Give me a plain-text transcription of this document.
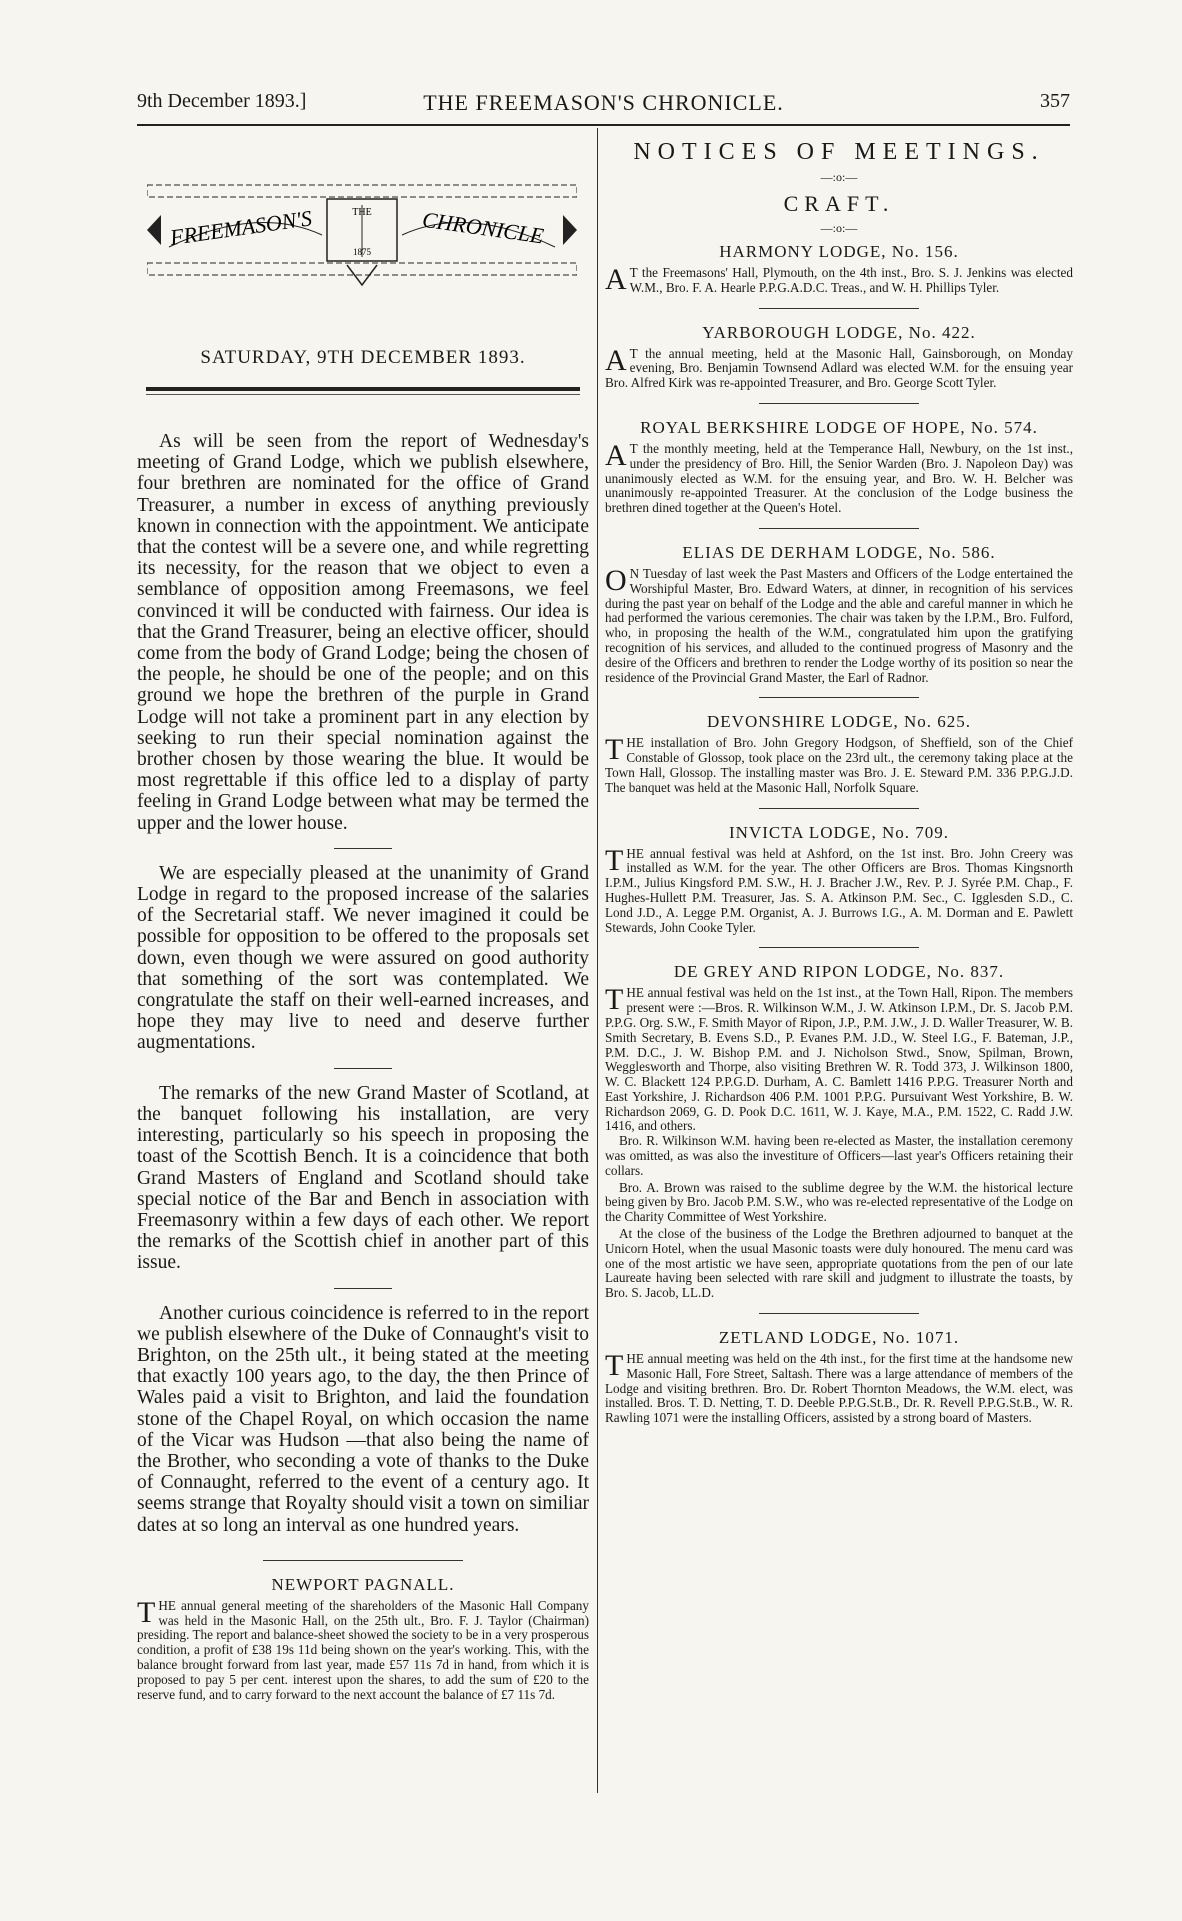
9th December 1893.]	THE FREEMASON'S CHRONICLE.	357
FREEMASON'S	CHRONICLE
THE
1875
SATURDAY, 9TH DECEMBER 1893.

As will be seen from the report of Wednesday's meeting of Grand Lodge, which we publish elsewhere, four brethren are nominated for the office of Grand Treasurer, a number in excess of anything previously known in connection with the appointment. We anticipate that the contest will be a severe one, and while regretting its necessity, for the reason that we object to even a semblance of opposition among Freemasons, we feel convinced it will be conducted with fairness. Our idea is that the Grand Treasurer, being an elective officer, should come from the body of Grand Lodge; being the chosen of the people, he should be one of the people; and on this ground we hope the brethren of the purple in Grand Lodge will not take a prominent part in any election by seeking to run their special nomination against the brother chosen by those wearing the blue. It would be most regrettable if this office led to a display of party feeling in Grand Lodge between what may be termed the upper and the lower house.

We are especially pleased at the unanimity of Grand Lodge in regard to the proposed increase of the salaries of the Secretarial staff. We never imagined it could be possible for opposition to be offered to the proposals set down, even though we were assured on good authority that something of the sort was contemplated. We congratulate the staff on their well-earned increases, and hope they may live to need and deserve further augmentations.

The remarks of the new Grand Master of Scotland, at the banquet following his installation, are very interesting, particularly so his speech in proposing the toast of the Scottish Bench. It is a coincidence that both Grand Masters of England and Scotland should take special notice of the Bar and Bench in association with Freemasonry within a few days of each other. We report the remarks of the Scottish chief in another part of this issue.

Another curious coincidence is referred to in the report we publish elsewhere of the Duke of Connaught's visit to Brighton, on the 25th ult., it being stated at the meeting that exactly 100 years ago, to the day, the then Prince of Wales paid a visit to Brighton, and laid the foundation stone of the Chapel Royal, on which occasion the name of the Vicar was Hudson —that also being the name of the Brother, who seconding a vote of thanks to the Duke of Connaught, referred to the event of a century ago. It seems strange that Royalty should visit a town on similiar dates at so long an interval as one hundred years.

NEWPORT PAGNALL.
THE annual general meeting of the shareholders of the Masonic Hall Company was held in the Masonic Hall, on the 25th ult., Bro. F. J. Taylor (Chairman) presiding. The report and balance-sheet showed the society to be in a very prosperous condition, a profit of £38 19s 11d being shown on the year's working. This, with the balance brought forward from last year, made £57 11s 7d in hand, from which it is proposed to pay 5 per cent. interest upon the shares, to add the sum of £20 to the reserve fund, and to carry forward to the next account the balance of £7 11s 7d.
NOTICES OF MEETINGS.
—:o:—
CRAFT.
—:o:—
HARMONY LODGE, No. 156.
A T the Freemasons' Hall, Plymouth, on the 4th inst., Bro. S. J. Jenkins was elected W.M., Bro. F. A. Hearle P.P.G.A.D.C. Treas., and W. H. Phillips Tyler.
YARBOROUGH LODGE, No. 422.
A T the annual meeting, held at the Masonic Hall, Gainsborough, on Monday evening, Bro. Benjamin Townsend Adlard was elected W.M. for the ensuing year Bro. Alfred Kirk was re-appointed Treasurer, and Bro. George Scott Tyler.
ROYAL BERKSHIRE LODGE OF HOPE, No. 574.
A T the monthly meeting, held at the Temperance Hall, Newbury, on the 1st inst., under the presidency of Bro. Hill, the Senior Warden (Bro. J. Napoleon Day) was unanimously elected as W.M. for the ensuing year, and Bro. W. H. Belcher was unanimously re-appointed Treasurer. At the conclusion of the Lodge business the brethren dined together at the Queen's Hotel.
ELIAS DE DERHAM LODGE, No. 586.
O N Tuesday of last week the Past Masters and Officers of the Lodge entertained the Worshipful Master, Bro. Edward Waters, at dinner, in recognition of his services during the past year on behalf of the Lodge and the able and careful manner in which he had performed the various ceremonies. The chair was taken by the I.P.M., Bro. Fulford, who, in proposing the health of the W.M., congratulated him upon the gratifying recognition of his services, and alluded to the continued progress of Masonry and the desire of the Officers and brethren to render the Lodge worthy of its position so near the residence of the Provincial Grand Master, the Earl of Radnor.
DEVONSHIRE LODGE, No. 625.
THE installation of Bro. John Gregory Hodgson, of Sheffield, son of the Chief Constable of Glossop, took place on the 23rd ult., the ceremony taking place at the Town Hall, Glossop. The installing master was Bro. J. E. Steward P.M. 336 P.P.G.J.D. The banquet was held at the Masonic Hall, Norfolk Square.
INVICTA LODGE, No. 709.
THE annual festival was held at Ashford, on the 1st inst. Bro. John Creery was installed as W.M. for the year. The other Officers are Bros. Thomas Kingsnorth I.P.M., Julius Kingsford P.M. S.W., H. J. Bracher J.W., Rev. P. J. Syrée P.M. Chap., F. Hughes-Hullett P.M. Treasurer, Jas. S. A. Atkinson P.M. Sec., C. Igglesden S.D., C. Lond J.D., A. Legge P.M. Organist, A. J. Burrows I.G., A. M. Dorman and E. Pawlett Stewards, John Cooke Tyler.
DE GREY AND RIPON LODGE, No. 837.
THE annual festival was held on the 1st inst., at the Town Hall, Ripon. The members present were :—Bros. R. Wilkinson W.M., J. W. Atkinson I.P.M., Dr. S. Jacob P.M. P.P.G. Org. S.W., F. Smith Mayor of Ripon, J.P., P.M. J.W., J. D. Waller Treasurer, W. B. Smith Secretary, B. Evens S.D., P. Evanes P.M. J.D., W. Steel I.G., F. Bateman, J.P., P.M. D.C., J. W. Bishop P.M. and J. Nicholson Stwd., Snow, Spilman, Brown, Wegglesworth and Thorpe, also visiting Brethren W. R. Todd 373, J. Wilkinson 1800, W. C. Blackett 124 P.P.G.D. Durham, A. C. Bamlett 1416 P.P.G. Treasurer North and East Yorkshire, J. Richardson 406 P.M. 1001 P.P.G. Pursuivant West Yorkshire, B. W. Richardson 2069, G. D. Pook D.C. 1611, W. J. Kaye, M.A., P.M. 1522, C. Radd J.W. 1416, and others.

Bro. R. Wilkinson W.M. having been re-elected as Master, the installation ceremony was omitted, as was also the investiture of Officers—last year's Officers retaining their collars.

Bro. A. Brown was raised to the sublime degree by the W.M. the historical lecture being given by Bro. Jacob P.M. S.W., who was re-elected representative of the Lodge on the Charity Committee of West Yorkshire.

At the close of the business of the Lodge the Brethren adjourned to banquet at the Unicorn Hotel, when the usual Masonic toasts were duly honoured. The menu card was one of the most artistic we have seen, appropriate quotations from the pen of our late Laureate having been selected with rare skill and judgment to illustrate the toasts, by Bro. S. Jacob, LL.D.

ZETLAND LODGE, No. 1071.
THE annual meeting was held on the 4th inst., for the first time at the handsome new Masonic Hall, Fore Street, Saltash. There was a large attendance of members of the Lodge and visiting brethren. Bro. Dr. Robert Thornton Meadows, the W.M. elect, was installed. Bros. T. D. Netting, T. D. Deeble P.P.G.St.B., Dr. R. Revell P.P.G.St.B., W. R. Rawling 1071 were the installing Officers, assisted by a strong board of Masters.
